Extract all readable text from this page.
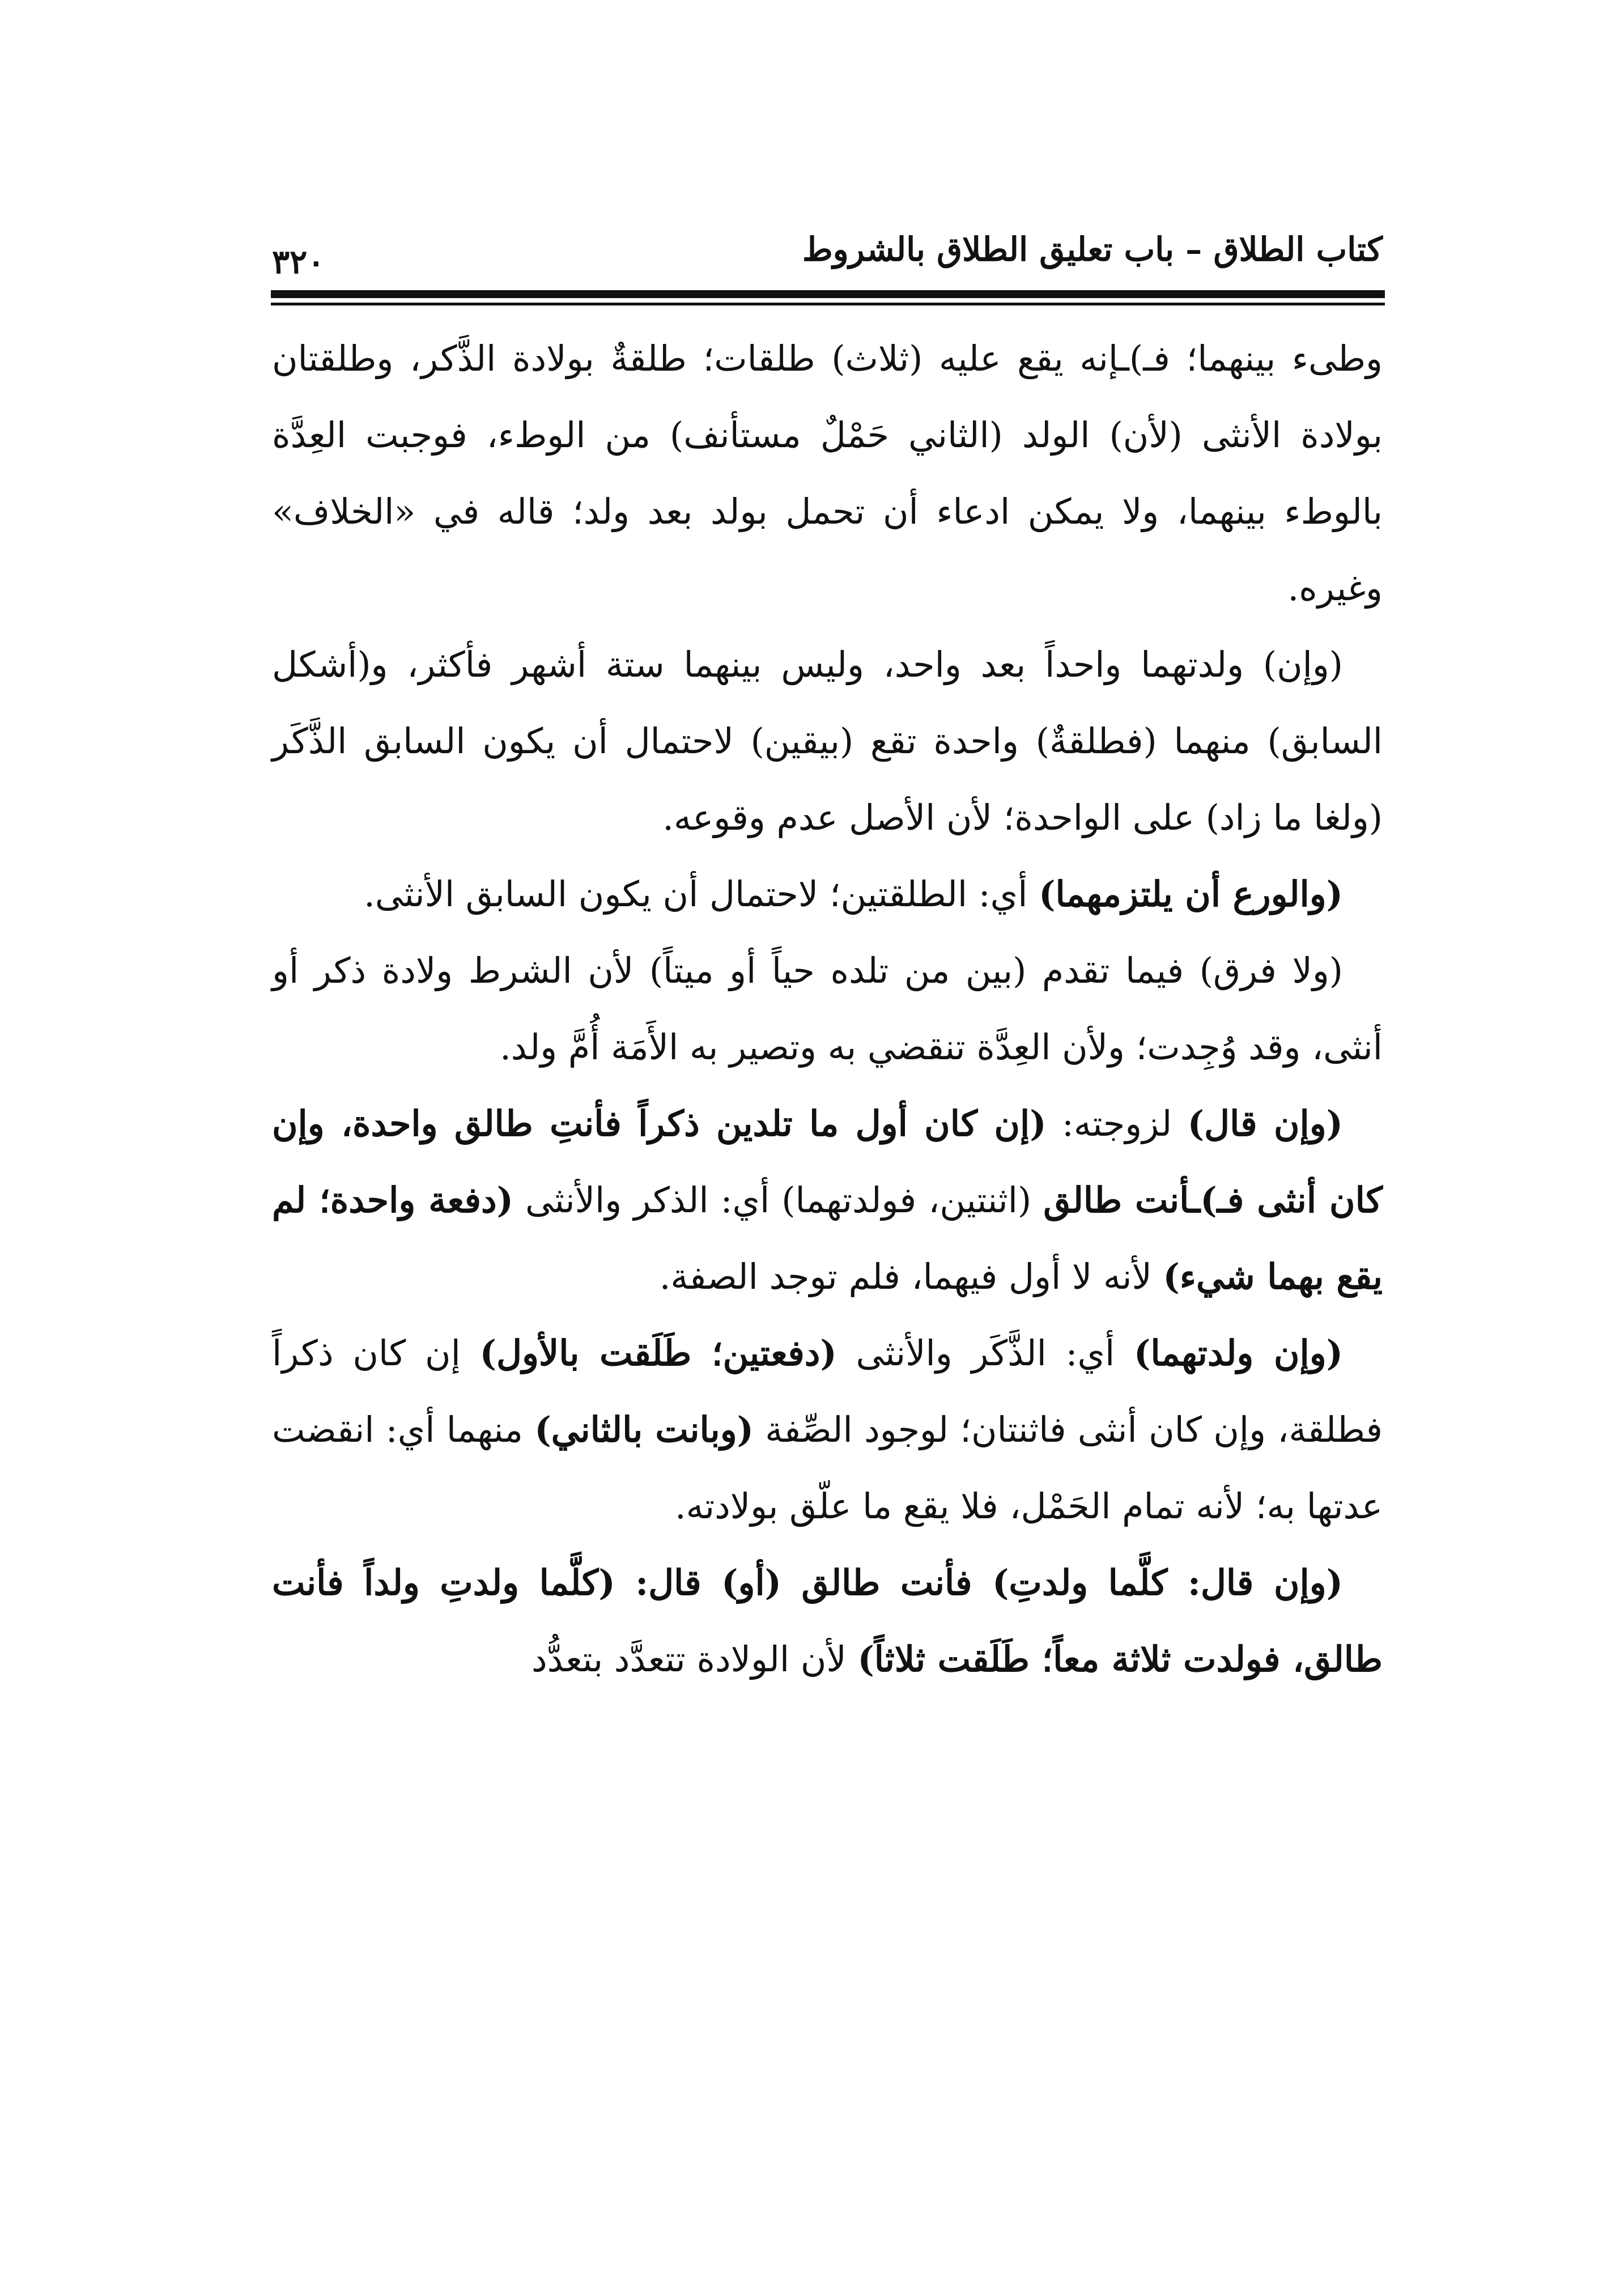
كتاب الطلاق – باب تعليق الطلاق بالشروط
٣٢٠

وطىء بينهما؛ فـ)ـإنه يقع عليه (ثلاث) طلقات؛ طلقةٌ بولادة الذَّكر، وطلقتان بولادة الأنثى (لأن) الولد (الثاني حَمْلٌ مستأنف) من الوطء، فوجبت العِدَّة بالوطء بينهما، ولا يمكن ادعاء أن تحمل بولد بعد ولد؛ قاله في «الخلاف» وغيره.

(وإن) ولدتهما واحداً بعد واحد، وليس بينهما ستة أشهر فأكثر، و(أشكل السابق) منهما (فطلقةٌ) واحدة تقع (بيقين) لاحتمال أن يكون السابق الذَّكَر (ولغا ما زاد) على الواحدة؛ لأن الأصل عدم وقوعه.

(والورع أن يلتزمهما) أي: الطلقتين؛ لاحتمال أن يكون السابق الأنثى.

(ولا فرق) فيما تقدم (بين من تلده حياً أو ميتاً) لأن الشرط ولادة ذكر أو أنثى، وقد وُجِدت؛ ولأن العِدَّة تنقضي به وتصير به الأَمَة أُمَّ ولد.

(وإن قال) لزوجته: (إن كان أول ما تلدين ذكراً فأنتِ طالق واحدة، وإن كان أنثى فـ)ـأنت طالق (اثنتين، فولدتهما) أي: الذكر والأنثى (دفعة واحدة؛ لم يقع بهما شيء) لأنه لا أول فيهما، فلم توجد الصفة.

(وإن ولدتهما) أي: الذَّكَر والأنثى (دفعتين؛ طَلَقت بالأول) إن كان ذكراً فطلقة، وإن كان أنثى فاثنتان؛ لوجود الصِّفة (وبانت بالثاني) منهما أي: انقضت عدتها به؛ لأنه تمام الحَمْل، فلا يقع ما علّق بولادته.

(وإن قال: كلَّما ولدتِ) فأنت طالق (أو) قال: (كلَّما ولدتِ ولداً فأنت طالق، فولدت ثلاثة معاً؛ طَلَقت ثلاثاً) لأن الولادة تتعدَّد بتعدُّد
